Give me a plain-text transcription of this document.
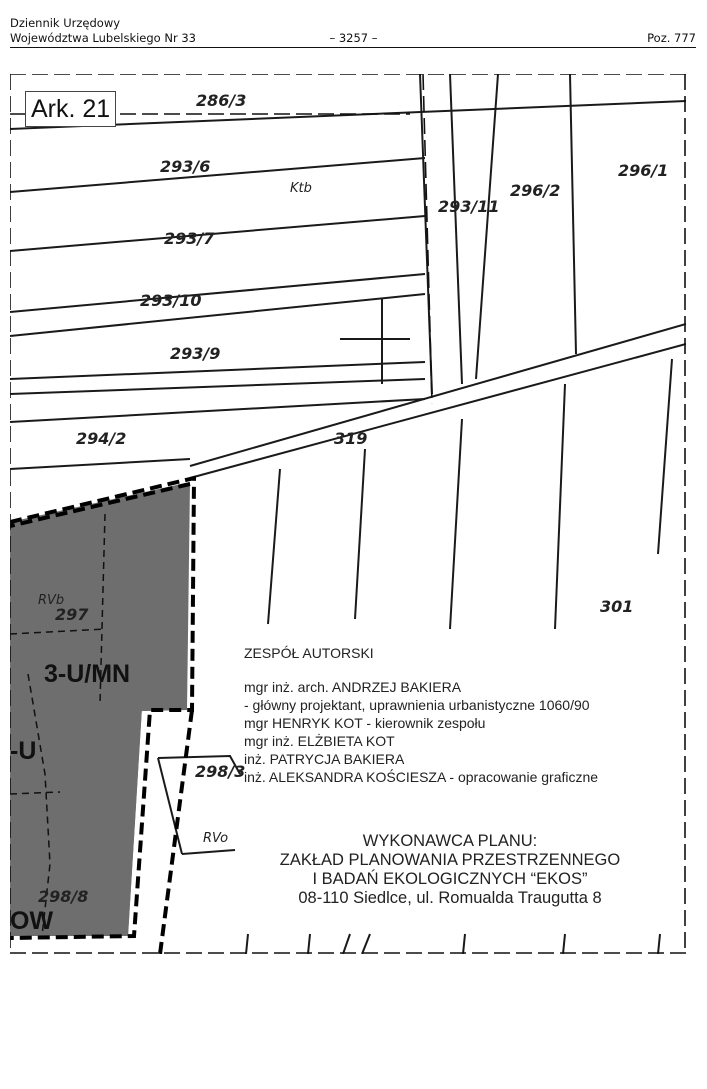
Dziennik Urzędowy
Województwa Lubelskiego Nr 33	– 3257 –	Poz. 777
286/3
293/6
Ktb
293/11
296/2
296/1
293/7
293/10
293/9
294/2	319
RVb
297	301
298/3
RVo
298/8
3-U/MN
-U
OW
Ark. 21
ZESPÓŁ AUTORSKI
mgr inż. arch. ANDRZEJ BAKIERA
- główny projektant, uprawnienia urbanistyczne 1060/90
mgr HENRYK KOT - kierownik zespołu
mgr inż. ELŻBIETA KOT
inż. PATRYCJA BAKIERA
inż. ALEKSANDRA KOŚCIESZA - opracowanie graficzne
WYKONAWCA PLANU:
ZAKŁAD PLANOWANIA PRZESTRZENNEGO
I BADAŃ EKOLOGICZNYCH “EKOS”
08-110 Siedlce, ul. Romualda Traugutta 8
